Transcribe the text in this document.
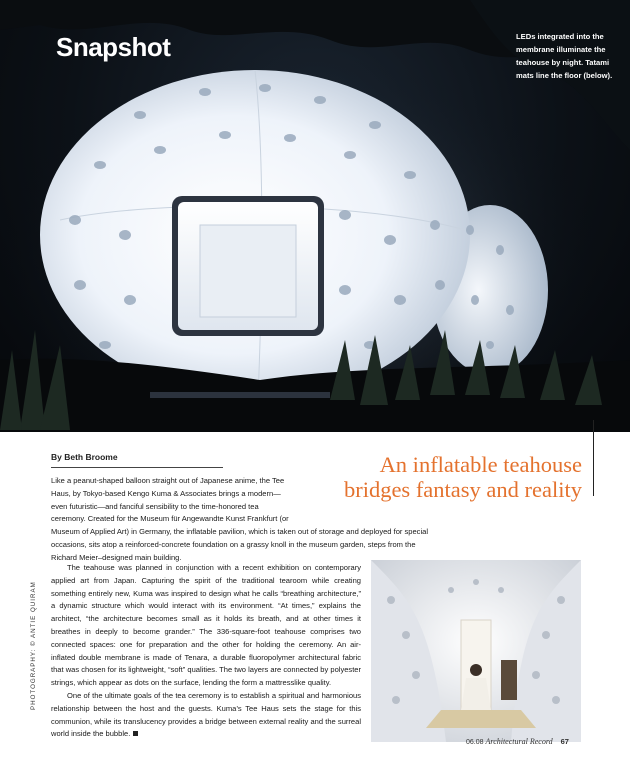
Snapshot	LEDs integrated into the membrane illuminate the teahouse by night. Tatami mats line the floor (below).
By Beth Broome	An inflatable teahouse
bridges fantasy and reality
Like a peanut-shaped balloon straight out of Japanese anime, the Tee
Haus, by Tokyo-based Kengo Kuma & Associates brings a modern—
even futuristic—and fanciful sensibility to the time-honored tea
ceremony. Created for the Museum für Angewandte Kunst Frankfurt (or
Museum of Applied Art) in Germany, the inflatable pavilion, which is taken out of storage and deployed for special
occasions, sits atop a reinforced-concrete foundation on a grassy knoll in the museum garden, steps from the
Richard Meier–designed main building.

The teahouse was planned in conjunction with a recent exhibition on contemporary applied art from Japan. Capturing the spirit of the traditional tearoom while creating something entirely new, Kuma was inspired to design what he calls “breathing architecture,” a dynamic structure which would interact with its environment. “At times,” explains the architect, “the architecture becomes small as it holds its breath, and at other times it breathes in deeply to become grander.” The 336-square-foot teahouse comprises two connected spaces: one for preparation and the other for holding the ceremony. An air-inflated double membrane is made of Tenara, a durable fluoropolymer architectural fabric that was chosen for its lightweight, “soft” qualities. The two layers are connected by polyester strings, which appear as dots on the surface, lending the form a mattresslike quality.

One of the ultimate goals of the tea ceremony is to establish a spiritual and harmonious relationship between the host and the guests. Kuma’s Tee Haus sets the stage for this communion, while its translucency provides a bridge between external reality and the surreal world inside the bubble.

PHOTOGRAPHY: © ANTIE QUIRAM
06.08 Architectural Record 67
